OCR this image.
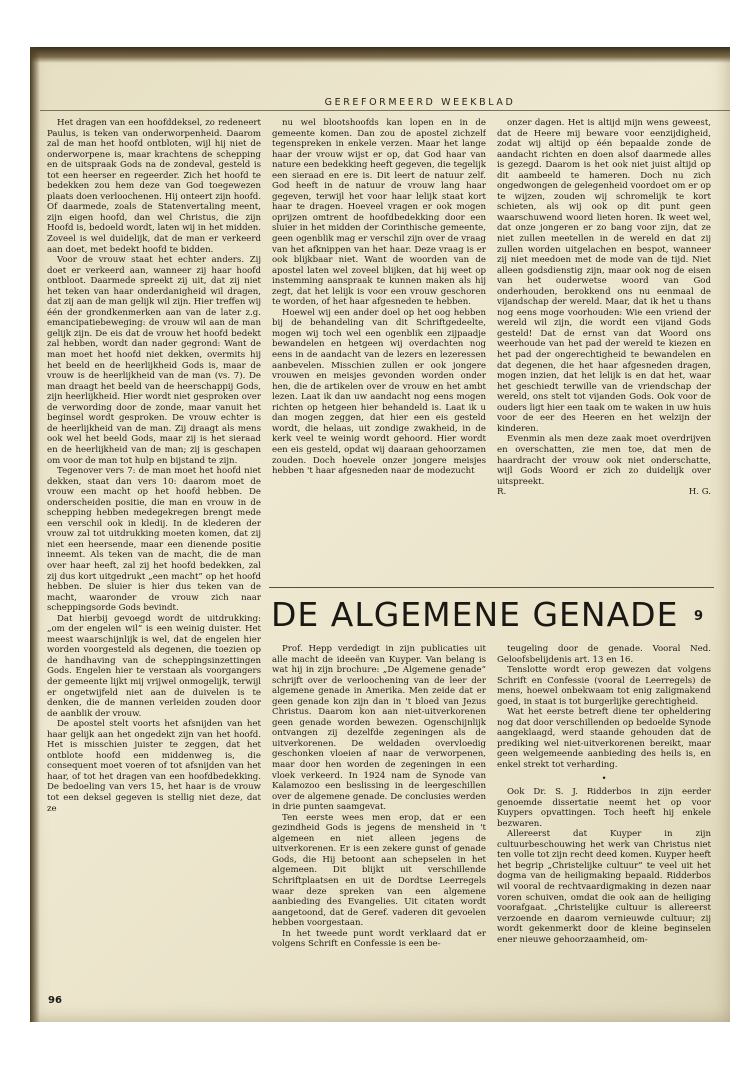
GEREFORMEERD WEEKBLAD

Het dragen van een hoofddeksel, zo redeneert Paulus, is teken van onderworpenheid. Daarom zal de man het hoofd ontbloten, wijl hij niet de onderworpene is, maar krachtens de schepping en de uitspraak Gods na de zondeval, gesteld is tot een heerser en regeerder. Zich het hoofd te bedekken zou hem deze van God toegewezen plaats doen verloochenen. Hij onteert zijn hoofd. Of daarmede, zoals de Statenvertaling meent, zijn eigen hoofd, dan wel Christus, die zijn Hoofd is, bedoeld wordt, laten wij in het midden. Zoveel is wel duidelijk, dat de man er verkeerd aan doet, met bedekt hoofd te bidden.

Voor de vrouw staat het echter anders. Zij doet er verkeerd aan, wanneer zij haar hoofd ontbloot. Daarmede spreekt zij uit, dat zij niet het teken van haar onderdanigheid wil dragen, dat zij aan de man gelijk wil zijn. Hier treffen wij één der grondkenmerken aan van de later z.g. emancipatiebeweging: de vrouw wil aan de man gelijk zijn. De eis dat de vrouw het hoofd bedekt zal hebben, wordt dan nader gegrond: Want de man moet het hoofd niet dekken, overmits hij het beeld en de heerlijkheid Gods is, maar de vrouw is de heerlijkheid van de man (vs. 7). De man draagt het beeld van de heerschappij Gods, zijn heerlijkheid. Hier wordt niet gesproken over de verwording door de zonde, maar vanuit het beginsel wordt gesproken. De vrouw echter is de heerlijkheid van de man. Zij draagt als mens ook wel het beeld Gods, maar zij is het sieraad en de heerlijkheid van de man; zij is geschapen om voor de man tot hulp en bijstand te zijn.

Tegenover vers 7: de man moet het hoofd niet dekken, staat dan vers 10: daarom moet de vrouw een macht op het hoofd hebben. De onderscheiden positie, die man en vrouw in de schepping hebben medegekregen brengt mede een verschil ook in kledij. In de klederen der vrouw zal tot uitdrukking moeten komen, dat zij niet een heersende, maar een dienende positie inneemt. Als teken van de macht, die de man over haar heeft, zal zij het hoofd bedekken, zal zij dus kort uitgedrukt „een macht” op het hoofd hebben. De sluier is hier dus teken van de macht, waaronder de vrouw zich naar scheppingsorde Gods bevindt.

Dat hierbij gevoegd wordt de uitdrukking: „om der engelen wil” is een weinig duister. Het meest waarschijnlijk is wel, dat de engelen hier worden voorgesteld als degenen, die toezien op de handhaving van de scheppingsinzettingen Gods. Engelen hier te verstaan als voorgangers der gemeente lijkt mij vrijwel onmogelijk, terwijl er ongetwijfeld niet aan de duivelen is te denken, die de mannen verleiden zouden door de aanblik der vrouw.

De apostel stelt voorts het afsnijden van het haar gelijk aan het ongedekt zijn van het hoofd. Het is misschien juister te zeggen, dat het ontblote hoofd een middenweg is, die consequent moet voeren of tot afsnijden van het haar, of tot het dragen van een hoofdbedekking. De bedoeling van vers 15, het haar is de vrouw tot een deksel gegeven is stellig niet deze, dat ze

nu wel blootshoofds kan lopen en in de gemeente komen. Dan zou de apostel zichzelf tegenspreken in enkele verzen. Maar het lange haar der vrouw wijst er op, dat God haar van nature een bedekking heeft gegeven, die tegelijk een sieraad en ere is. Dit leert de natuur zelf. God heeft in de natuur de vrouw lang haar gegeven, terwijl het voor haar lelijk staat kort haar te dragen. Hoeveel vragen er ook mogen oprijzen omtrent de hoofdbedekking door een sluier in het midden der Corinthische gemeente, geen ogenblik mag er verschil zijn over de vraag van het afknippen van het haar. Deze vraag is er ook blijkbaar niet. Want de woorden van de apostel laten wel zoveel blijken, dat hij weet op instemming aanspraak te kunnen maken als hij zegt, dat het lelijk is voor een vrouw geschoren te worden, of het haar afgesneden te hebben.

Hoewel wij een ander doel op het oog hebben bij de behandeling van dit Schriftgedeelte, mogen wij toch wel een ogenblik een zijpaadje bewandelen en hetgeen wij overdachten nog eens in de aandacht van de lezers en lezeressen aanbevelen. Misschien zullen er ook jongere vrouwen en meisjes gevonden worden onder hen, die de artikelen over de vrouw en het ambt lezen. Laat ik dan uw aandacht nog eens mogen richten op hetgeen hier behandeld is. Laat ik u dan mogen zeggen, dat hier een eis gesteld wordt, die helaas, uit zondige zwakheid, in de kerk veel te weinig wordt gehoord. Hier wordt een eis gesteld, opdat wij daaraan gehoorzamen zouden. Doch hoevele onzer jongere meisjes hebben 't haar afgesneden naar de modezucht

onzer dagen. Het is altijd mijn wens geweest, dat de Heere mij beware voor eenzijdigheid, zodat wij altijd op één bepaalde zonde de aandacht richten en doen alsof daarmede alles is gezegd. Daarom is het ook niet juist altijd op dit aambeeld te hameren. Doch nu zich ongedwongen de gelegenheid voordoet om er op te wijzen, zouden wij schromelijk te kort schieten, als wij ook op dit punt geen waarschuwend woord lieten horen. Ik weet wel, dat onze jongeren er zo bang voor zijn, dat ze niet zullen meetellen in de wereld en dat zij zullen worden uitgelachen en bespot, wanneer zij niet meedoen met de mode van de tijd. Niet alleen godsdienstig zijn, maar ook nog de eisen van het ouderwetse woord van God onderhouden, berokkend ons nu eenmaal de vijandschap der wereld. Maar, dat ik het u thans nog eens moge voorhouden: Wie een vriend der wereld wil zijn, die wordt een vijand Gods gesteld! Dat de ernst van dat Woord ons weerhoude van het pad der wereld te kiezen en het pad der ongerechtigheid te bewandelen en dat degenen, die het haar afgesneden dragen, mogen inzien, dat het lelijk is en dat het, waar het geschiedt terwille van de vriendschap der wereld, ons stelt tot vijanden Gods. Ook voor de ouders ligt hier een taak om te waken in uw huis voor de eer des Heeren en het welzijn der kinderen.

Evenmin als men deze zaak moet overdrijven en overschatten, zie men toe, dat men de haardracht der vrouw ook niet onderschatte, wijl Gods Woord er zich zo duidelijk over uitspreekt.

R.	H. G.
DE ALGEMENE GENADE 9

Prof. Hepp verdedigt in zijn publicaties uit alle macht de ideeën van Kuyper. Van belang is wat hij in zijn brochure: „De Algemene genade” schrijft over de verloochening van de leer der algemene genade in Amerika. Men zeide dat er geen genade kon zijn dan in 't bloed van Jezus Christus. Daarom kon aan niet-uitverkorenen geen genade worden bewezen. Ogenschijnlijk ontvangen zij dezelfde zegeningen als de uitverkorenen. De weldaden overvloedig geschonken vloeien af naar de verworpenen, maar door hen worden de zegeningen in een vloek verkeerd. In 1924 nam de Synode van Kalamozoo een beslissing in de leergeschillen over de algemene genade. De conclusies werden in drie punten saamgevat.

Ten eerste wees men erop, dat er een gezindheid Gods is jegens de mensheid in 't algemeen en niet alleen jegens de uitverkorenen. Er is een zekere gunst of genade Gods, die Hij betoont aan schepselen in het algemeen. Dit blijkt uit verschillende Schriftplaatsen en uit de Dordtse Leerregels waar deze spreken van een algemene aanbieding des Evangelies. Uit citaten wordt aangetoond, dat de Geref. vaderen dit gevoelen hebben voorgestaan.

In het tweede punt wordt verklaard dat er volgens Schrift en Confessie is een be-

teugeling door de genade. Vooral Ned. Geloofsbelijdenis art. 13 en 16.

Tenslotte wordt erop gewezen dat volgens Schrift en Confessie (vooral de Leerregels) de mens, hoewel onbekwaam tot enig zaligmakend goed, in staat is tot burgerlijke gerechtigheid.

Wat het eerste betreft diene ter ophelderіng nog dat door verschillenden op bedoelde Synode aangeklaagd, werd staande gehouden dat de prediking wel niet-uitverkorenen bereikt, maar geen welgemeende aanbieding des heils is, en enkel strekt tot verharding.

•

Ook Dr. S. J. Ridderbos in zijn eerder genoemde dissertatie neemt het op voor Kuypers opvattingen. Toch heeft hij enkele bezwaren.

Allereerst dat Kuyper in zijn cultuurbeschouwing het werk van Christus niet ten volle tot zijn recht deed komen. Kuyper heeft het begrip „Christelijke cultuur” te veel uit het dogma van de heiligmaking bepaald. Ridderbos wil vooral de rechtvaardigmaking in dezen naar voren schuiven, omdat die ook aan de heiliging voorafgaat. „Christelijke cultuur is allereerst verzoende en daarom vernieuwde cultuur; zij wordt gekenmerkt door de kleine beginselen ener nieuwe gehoorzaamheid, om-

96
